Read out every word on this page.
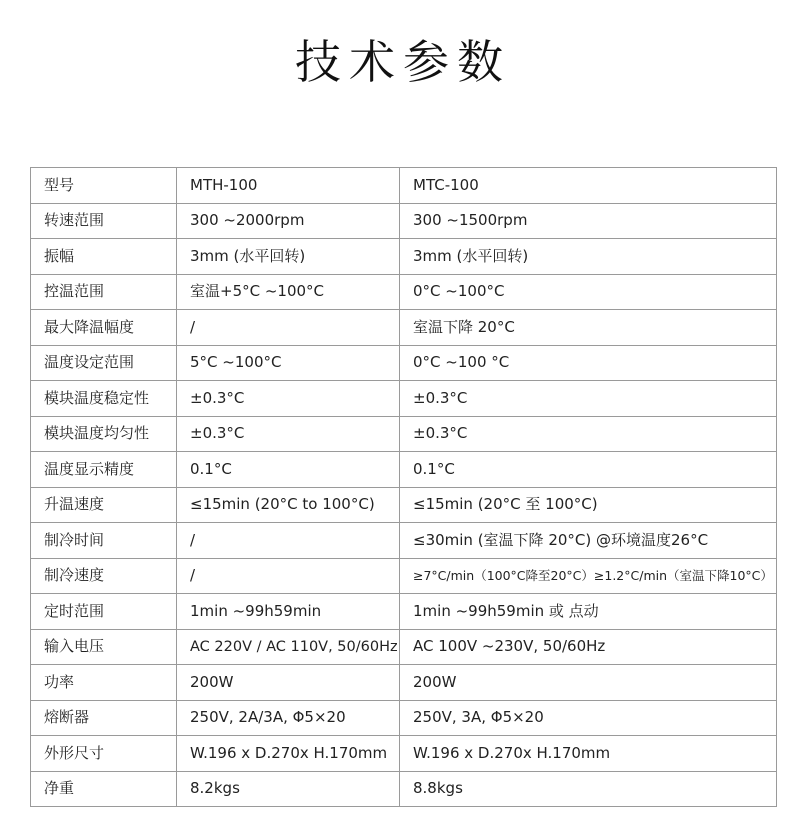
技术参数
型号	MTH-100	MTC-100
转速范围	300 ~2000rpm	300 ~1500rpm
振幅	3mm (水平回转)	3mm (水平回转)
控温范围	室温+5°C ~100°C	0°C ~100°C
最大降温幅度	/	室温下降 20°C
温度设定范围	5°C ~100°C	0°C ~100 °C
模块温度稳定性	±0.3°C	±0.3°C
模块温度均匀性	±0.3°C	±0.3°C
温度显示精度	0.1°C	0.1°C
升温速度	≤15min (20°C to 100°C)	≤15min (20°C 至 100°C)
制冷时间	/	≤30min (室温下降 20°C) @环境温度26°C
制冷速度	/	≥7°C/min（100°C降至20°C）≥1.2°C/min（室温下降10°C）
定时范围	1min ~99h59min	1min ~99h59min 或 点动
输入电压	AC 220V / AC 110V, 50/60Hz	AC 100V ~230V, 50/60Hz
功率	200W	200W
熔断器	250V, 2A/3A, Φ5×20	250V, 3A, Φ5×20
外形尺寸	W.196 x D.270x H.170mm	W.196 x D.270x H.170mm
净重	8.2kgs	8.8kgs
